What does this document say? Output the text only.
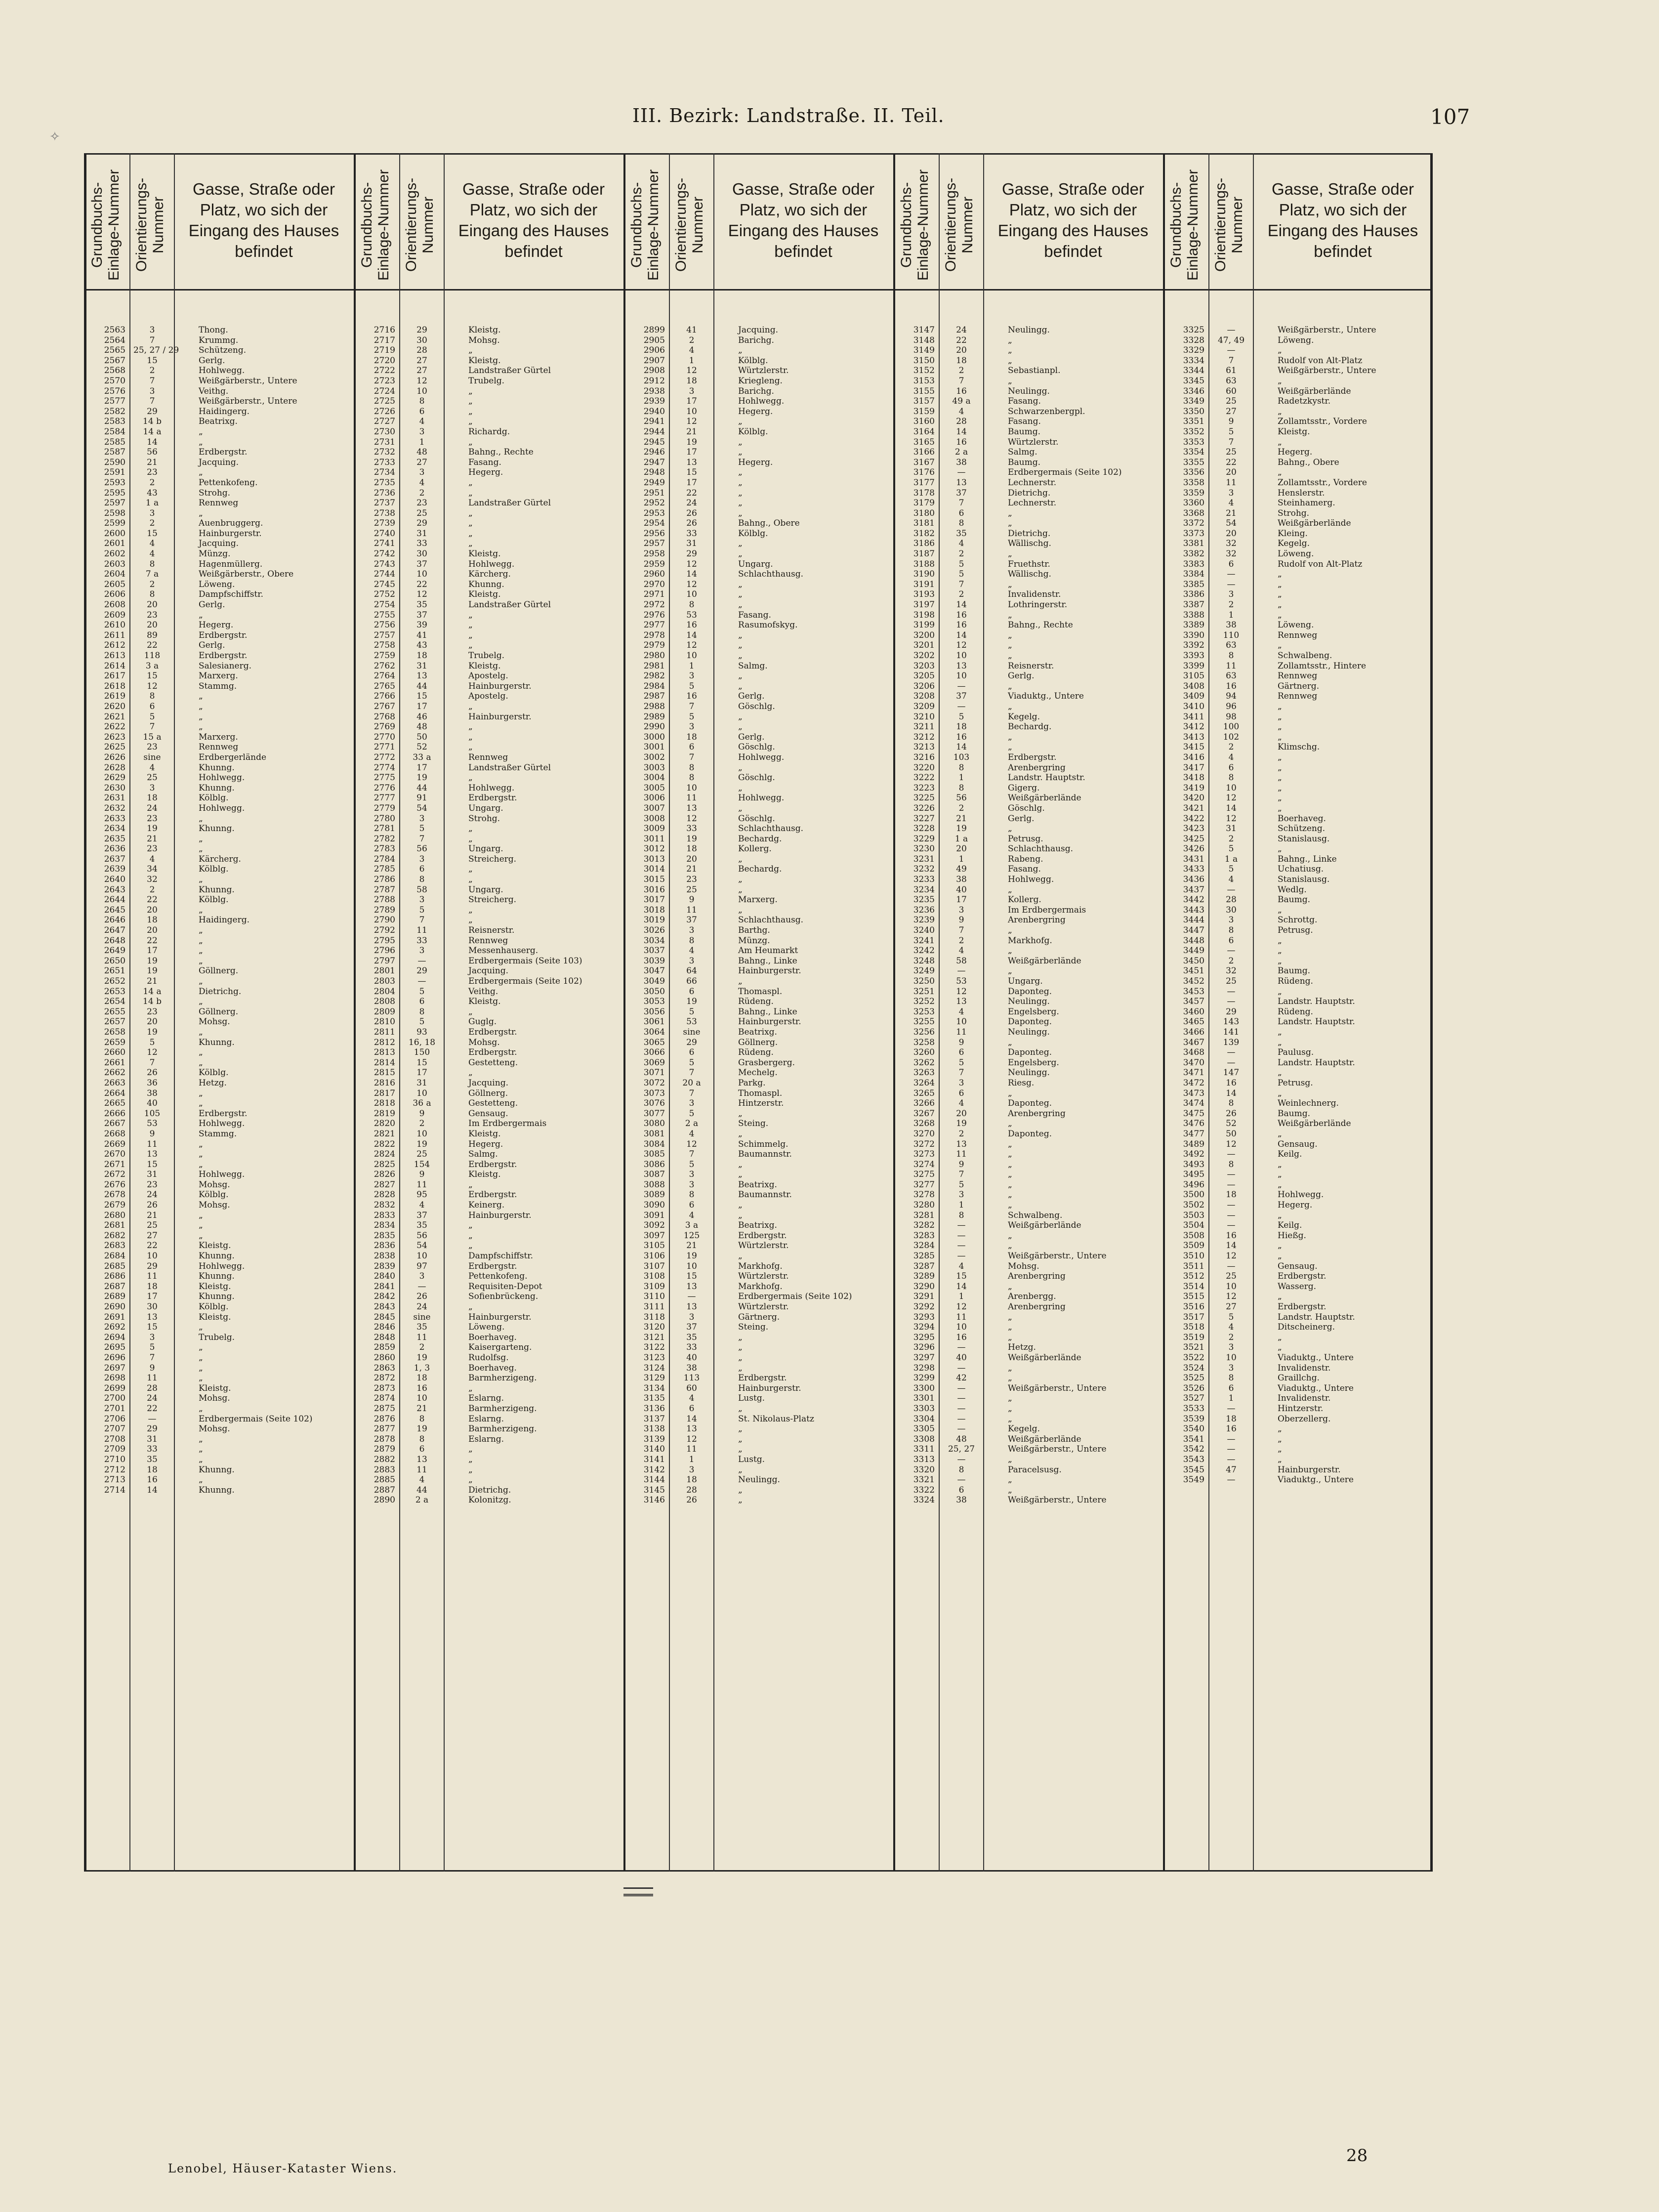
✧
III. Bezirk: Landstraße. II. Teil.	107
Grundbuchs-Einlage-Nummer Orientierungs-Nummer
Gasse, Straße oder Platz, wo sich der Eingang des Hauses befindet
2563	3	Thong.
2564	7	Krummg.
2565 25, 27 / 29 Schützeng.
2567	15	Gerlg.
2568	2	Hohlwegg.
2570	7	Weißgärberstr., Untere
2576	3	Veithg.
2577	7	Weißgärberstr., Untere
2582	29	Haidingerg.
2583	14 b	Beatrixg.
2584	14 a	„
2585	14	„
2587	56	Erdbergstr.
2590	21	Jacquing.
2591	23	„
2593	2	Pettenkofeng.
2595	43	Strohg.
2597	1 a	Rennweg
2598	3	„
2599	2	Auenbruggerg.
2600	15	Hainburgerstr.
2601	4	Jacquing.
2602	4	Münzg.
2603	8	Hagenmüllerg.
2604	7 a	Weißgärberstr., Obere
2605	2	Löweng.
2606	8	Dampfschiffstr.
2608	20	Gerlg.
2609	23	„
2610	20	Hegerg.
2611	89	Erdbergstr.
2612	22	Gerlg.
2613	118	Erdbergstr.
2614	3 a	Salesianerg.
2617	15	Marxerg.
2618	12	Stammg.
2619	8	„
2620	6	„
2621	5	„
2622	7	„
2623	15 a	Marxerg.
2625	23	Rennweg
2626	sine	Erdbergerlände
2628	4	Khunng.
2629	25	Hohlwegg.
2630	3	Khunng.
2631	18	Kölblg.
2632	24	Hohlwegg.
2633	23	„
2634	19	Khunng.
2635	21	„
2636	23	„
2637	4	Kärcherg.
2639	34	Kölblg.
2640	32	„
2643	2	Khunng.
2644	22	Kölblg.
2645	20	„
2646	18	Haidingerg.
2647	20	„
2648	22	„
2649	17	„
2650	19	„
2651	19	Göllnerg.
2652	21	„
2653	14 a	Dietrichg.
2654	14 b	„
2655	23	Göllnerg.
2657	20	Mohsg.
2658	19	„
2659	5	Khunng.
2660	12	„
2661	7	„
2662	26	Kölblg.
2663	36	Hetzg.
2664	38	„
2665	40	„
2666	105	Erdbergstr.
2667	53	Hohlwegg.
2668	9	Stammg.
2669	11	„
2670	13	„
2671	15	„
2672	31	Hohlwegg.
2676	23	Mohsg.
2678	24	Kölblg.
2679	26	Mohsg.
2680	21	„
2681	25	„
2682	27	„
2683	22	Kleistg.
2684	10	Khunng.
2685	29	Hohlwegg.
2686	11	Khunng.
2687	18	Kleistg.
2689	17	Khunng.
2690	30	Kölblg.
2691	13	Kleistg.
2692	15	„
2694	3	Trubelg.
2695	5	„
2696	7	„
2697	9	„
2698	11	„
2699	28	Kleistg.
2700	24	Mohsg.
2701	22	„
2706	—	Erdbergermais (Seite 102)
2707	29	Mohsg.
2708	31	„
2709	33	„
2710	35	„
2712	18	Khunng.
2713	16	„
2714	14	Khunng.
Grundbuchs-Einlage-Nummer Orientierungs-Nummer
Gasse, Straße oder Platz, wo sich der Eingang des Hauses befindet
2716	29	Kleistg.
2717	30	Mohsg.
2719	28	„
2720	27	Kleistg.
2722	27	Landstraßer Gürtel
2723	12	Trubelg.
2724	10	„
2725	8	„
2726	6	„
2727	4	„
2730	3	Richardg.
2731	1	„
2732	48	Bahng., Rechte
2733	27	Fasang.
2734	3	Hegerg.
2735	4	„
2736	2	„
2737	23	Landstraßer Gürtel
2738	25	„
2739	29	„
2740	31	„
2741	33	„
2742	30	Kleistg.
2743	37	Hohlwegg.
2744	10	Kärcherg.
2745	22	Khunng.
2752	12	Kleistg.
2754	35	Landstraßer Gürtel
2755	37	„
2756	39	„
2757	41	„
2758	43	„
2759	18	Trubelg.
2762	31	Kleistg.
2764	13	Apostelg.
2765	44	Hainburgerstr.
2766	15	Apostelg.
2767	17	„
2768	46	Hainburgerstr.
2769	48	„
2770	50	„
2771	52	„
2772	33 a	Rennweg
2774	17	Landstraßer Gürtel
2775	19	„
2776	44	Hohlwegg.
2777	91	Erdbergstr.
2779	54	Ungarg.
2780	3	Strohg.
2781	5	„
2782	7	„
2783	56	Ungarg.
2784	3	Streicherg.
2785	6	„
2786	8	„
2787	58	Ungarg.
2788	3	Streicherg.
2789	5	„
2790	7	„
2792	11	Reisnerstr.
2795	33	Rennweg
2796	3	Messenhauserg.
2797	—	Erdbergermais (Seite 103)
2801	29	Jacquing.
2803	—	Erdbergermais (Seite 102)
2804	5	Veithg.
2808	6	Kleistg.
2809	8	„
2810	5	Guglg.
2811	93	Erdbergstr.
2812	16, 18	Mohsg.
2813	150	Erdbergstr.
2814	15	Gestetteng.
2815	17	„
2816	31	Jacquing.
2817	10	Göllnerg.
2818	36 a	Gestetteng.
2819	9	Gensaug.
2820	2	Im Erdbergermais
2821	10	Kleistg.
2822	19	Hegerg.
2824	25	Salmg.
2825	154	Erdbergstr.
2826	9	Kleistg.
2827	11	„
2828	95	Erdbergstr.
2832	4	Keinerg.
2833	37	Hainburgerstr.
2834	35	„
2835	56	„
2836	54	„
2838	10	Dampfschiffstr.
2839	97	Erdbergstr.
2840	3	Pettenkofeng.
2841	—	Requisiten-Depot
2842	26	Sofienbrückeng.
2843	24	„
2845	sine	Hainburgerstr.
2846	35	Löweng.
2848	11	Boerhaveg.
2859	2	Kaisergarteng.
2860	19	Rudolfsg.
2863	1, 3	Boerhaveg.
2872	18	Barmherzigeng.
2873	16	„
2874	10	Eslarng.
2875	21	Barmherzigeng.
2876	8	Eslarng.
2877	19	Barmherzigeng.
2878	8	Eslarng.
2879	6	„
2882	13	„
2883	11	„
2885	4	„
2887	44	Dietrichg.
2890	2 a	Kolonitzg.
Grundbuchs-Einlage-Nummer Orientierungs-Nummer
Gasse, Straße oder Platz, wo sich der Eingang des Hauses befindet
2899	41	Jacquing.
2905	2	Barichg.
2906	4	„
2907	1	Kölblg.
2908	12	Würtzlerstr.
2912	18	Kriegleng.
2938	3	Barichg.
2939	17	Hohlwegg.
2940	10	Hegerg.
2941	12	„
2944	21	Kölblg.
2945	19	„
2946	17	„
2947	13	Hegerg.
2948	15	„
2949	17	„
2951	22	„
2952	24	„
2953	26	„
2954	26	Bahng., Obere
2956	33	Kölblg.
2957	31	„
2958	29	„
2959	12	Ungarg.
2960	14	Schlachthausg.
2970	12	„
2971	10	„
2972	8	„
2976	53	Fasang.
2977	16	Rasumofskyg.
2978	14	„
2979	12	„
2980	10	„
2981	1	Salmg.
2982	3	„
2984	5	„
2987	16	Gerlg.
2988	7	Göschlg.
2989	5	„
2990	3	„
3000	18	Gerlg.
3001	6	Göschlg.
3002	7	Hohlwegg.
3003	8	„
3004	8	Göschlg.
3005	10	„
3006	11	Hohlwegg.
3007	13	„
3008	12	Göschlg.
3009	33	Schlachthausg.
3011	19	Bechardg.
3012	18	Kollerg.
3013	20	„
3014	21	Bechardg.
3015	23	„
3016	25	„
3017	9	Marxerg.
3018	11	„
3019	37	Schlachthausg.
3026	3	Barthg.
3034	8	Münzg.
3037	4	Am Heumarkt
3039	3	Bahng., Linke
3047	64	Hainburgerstr.
3049	66	„
3050	6	Thomaspl.
3053	19	Rüdeng.
3056	5	Bahng., Linke
3061	53	Hainburgerstr.
3064	sine	Beatrixg.
3065	29	Göllnerg.
3066	6	Rüdeng.
3069	5	Grasbergerg.
3071	7	Mechelg.
3072	20 a	Parkg.
3073	7	Thomaspl.
3076	3	Hintzerstr.
3077	5	„
3080	2 a	Steing.
3081	4	„
3084	12	Schimmelg.
3085	7	Baumannstr.
3086	5	„
3087	3	„
3088	3	Beatrixg.
3089	8	Baumannstr.
3090	6	„
3091	4	„
3092	3 a	Beatrixg.
3097	125	Erdbergstr.
3105	21	Würtzlerstr.
3106	19	„
3107	10	Markhofg.
3108	15	Würtzlerstr.
3109	13	Markhofg.
3110	—	Erdbergermais (Seite 102)
3111	13	Würtzlerstr.
3118	3	Gärtnerg.
3120	37	Steing.
3121	35	„
3122	33	„
3123	40	„
3124	38	„
3129	113	Erdbergstr.
3134	60	Hainburgerstr.
3135	4	Lustg.
3136	6	„
3137	14	St. Nikolaus-Platz
3138	13	„
3139	12	„
3140	11	„
3141	1	Lustg.
3142	3	„
3144	18	Neulingg.
3145	28	„
3146	26	„
Grundbuchs-Einlage-Nummer Orientierungs-Nummer
Gasse, Straße oder Platz, wo sich der Eingang des Hauses befindet
3147	24	Neulingg.
3148	22	„
3149	20	„
3150	18	„
3152	2	Sebastianpl.
3153	7	„
3155	16	Neulingg.
3157	49 a	Fasang.
3159	4	Schwarzenbergpl.
3160	28	Fasang.
3164	14	Baumg.
3165	16	Würtzlerstr.
3166	2 a	Salmg.
3167	38	Baumg.
3176	—	Erdbergermais (Seite 102)
3177	13	Lechnerstr.
3178	37	Dietrichg.
3179	7	Lechnerstr.
3180	6	„
3181	8	„
3182	35	Dietrichg.
3186	4	Wällischg.
3187	2	„
3188	5	Fruethstr.
3190	5	Wällischg.
3191	7	„
3193	2	Invalidenstr.
3197	14	Lothringerstr.
3198	16	„
3199	16	Bahng., Rechte
3200	14	„
3201	12	„
3202	10	„
3203	13	Reisnerstr.
3205	10	Gerlg.
3206	—	„
3208	37	Viaduktg., Untere
3209	—	„
3210	5	Kegelg.
3211	18	Bechardg.
3212	16	„
3213	14	„
3216	103	Erdbergstr.
3220	8	Arenbergring
3222	1	Landstr. Hauptstr.
3223	8	Gigerg.
3225	56	Weißgärberlände
3226	2	Göschlg.
3227	21	Gerlg.
3228	19	„
3229	1 a	Petrusg.
3230	20	Schlachthausg.
3231	1	Rabeng.
3232	49	Fasang.
3233	38	Hohlwegg.
3234	40	„
3235	17	Kollerg.
3236	3	Im Erdbergermais
3239	9	Arenbergring
3240	7	„
3241	2	Markhofg.
3242	4	„
3248	58	Weißgärberlände
3249	—	„
3250	53	Ungarg.
3251	12	Daponteg.
3252	13	Neulingg.
3253	4	Engelsberg.
3255	10	Daponteg.
3256	11	Neulingg.
3258	9	„
3260	6	Daponteg.
3262	5	Engelsberg.
3263	7	Neulingg.
3264	3	Riesg.
3265	6	„
3266	4	Daponteg.
3267	20	Arenbergring
3268	19	„
3270	2	Daponteg.
3272	13	„
3273	11	„
3274	9	„
3275	7	„
3277	5	„
3278	3	„
3280	1	„
3281	8	Schwalbeng.
3282	—	Weißgärberlände
3283	—	„
3284	—	„
3285	—	Weißgärberstr., Untere
3287	4	Mohsg.
3289	15	Arenbergring
3290	14	„
3291	1	Arenbergg.
3292	12	Arenbergring
3293	11	„
3294	10	„
3295	16	„
3296	—	Hetzg.
3297	40	Weißgärberlände
3298	—	„
3299	42	„
3300	—	Weißgärberstr., Untere
3301	—	„
3303	—	„
3304	—	„
3305	—	Kegelg.
3308	48	Weißgärberlände
3311	25, 27	Weißgärberstr., Untere
3313	—	„
3320	8	Paracelsusg.
3321	—	„
3322	6	„
3324	38	Weißgärberstr., Untere
Grundbuchs-Einlage-Nummer Orientierungs-Nummer
Gasse, Straße oder Platz, wo sich der Eingang des Hauses befindet
3325	—	Weißgärberstr., Untere
3328	47, 49	Löweng.
3329	—	„
3334	7	Rudolf von Alt-Platz
3344	61	Weißgärberstr., Untere
3345	63	„
3346	60	Weißgärberlände
3349	25	Radetzkystr.
3350	27	„
3351	9	Zollamtsstr., Vordere
3352	5	Kleistg.
3353	7	„
3354	25	Hegerg.
3355	22	Bahng., Obere
3356	20	„
3358	11	Zollamtsstr., Vordere
3359	3	Henslerstr.
3360	4	Steinhamerg.
3368	21	Strohg.
3372	54	Weißgärberlände
3373	20	Kleing.
3381	32	Kegelg.
3382	32	Löweng.
3383	6	Rudolf von Alt-Platz
3384	—	„
3385	—	„
3386	3	„
3387	2	„
3388	1	„
3389	38	Löweng.
3390	110	Rennweg
3392	63	„
3393	8	Schwalbeng.
3399	11	Zollamtsstr., Hintere
3105	63	Rennweg
3408	16	Gärtnerg.
3409	94	Rennweg
3410	96	„
3411	98	„
3412	100	„
3413	102	„
3415	2	Klimschg.
3416	4	„
3417	6	„
3418	8	„
3419	10	„
3420	12	„
3421	14	„
3422	12	Boerhaveg.
3423	31	Schützeng.
3425	2	Stanislausg.
3426	5	„
3431	1 a	Bahng., Linke
3433	5	Uchatiusg.
3436	4	Stanislausg.
3437	—	Wedlg.
3442	28	Baumg.
3443	30	„
3444	3	Schrottg.
3447	8	Petrusg.
3448	6	„
3449	—	„
3450	2	„
3451	32	Baumg.
3452	25	Rüdeng.
3453	—	„
3457	—	Landstr. Hauptstr.
3460	29	Rüdeng.
3465	143	Landstr. Hauptstr.
3466	141	„
3467	139	„
3468	—	Paulusg.
3470	—	Landstr. Hauptstr.
3471	147	„
3472	16	Petrusg.
3473	14	„
3474	8	Weinlechnerg.
3475	26	Baumg.
3476	52	Weißgärberlände
3477	50	„
3489	12	Gensaug.
3492	—	Keilg.
3493	8	„
3495	—	„
3496	—	„
3500	18	Hohlwegg.
3502	—	Hegerg.
3503	—	„
3504	—	Keilg.
3508	16	Hießg.
3509	14	„
3510	12	„
3511	—	Gensaug.
3512	25	Erdbergstr.
3514	10	Wasserg.
3515	12	„
3516	27	Erdbergstr.
3517	5	Landstr. Hauptstr.
3518	4	Ditscheinerg.
3519	2	„
3521	3	„
3522	10	Viaduktg., Untere
3524	3	Invalidenstr.
3525	8	Graillchg.
3526	6	Viaduktg., Untere
3527	1	Invalidenstr.
3533	—	Hintzerstr.
3539	18	Oberzellerg.
3540	16	„
3541	—	„
3542	—	„
3543	—	„
3545	47	Hainburgerstr.
3549	—	Viaduktg., Untere
Lenobel, Häuser-Kataster Wiens.
28
